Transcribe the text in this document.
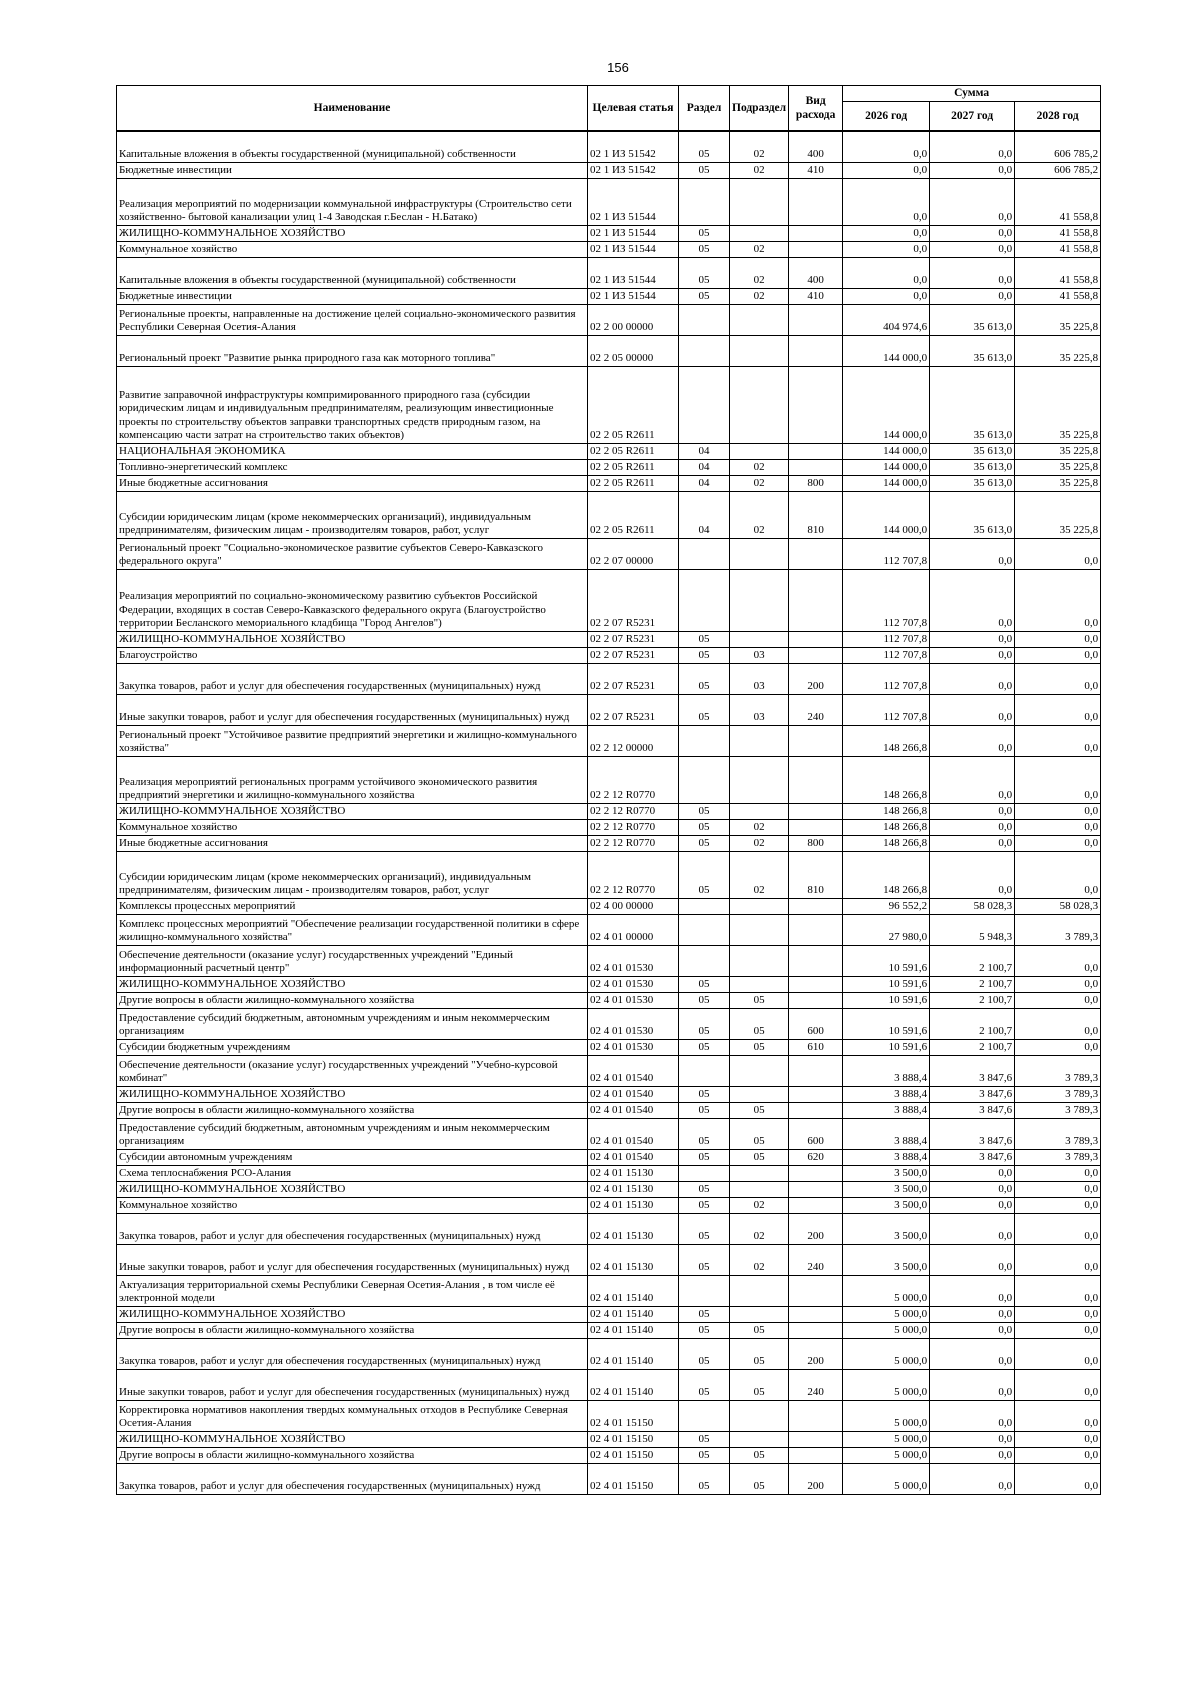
156
Наименование	Целевая статья	Раздел	Подраздел	Вид расхода	Сумма		
					2026 год	2027 год	2028 год
Капитальные вложения в объекты государственной (муниципальной) собственности	02 1 ИЗ 51542	05	02	400	0,0	0,0	606 785,2
Бюджетные инвестиции	02 1 ИЗ 51542	05	02	410	0,0	0,0	606 785,2
Реализация мероприятий по модернизации коммунальной инфраструктуры (Строительство сети хозяйственно- бытовой канализации улиц 1-4 Заводская г.Беслан - Н.Батако)	02 1 ИЗ 51544				0,0	0,0	41 558,8
ЖИЛИЩНО-КОММУНАЛЬНОЕ ХОЗЯЙСТВО	02 1 ИЗ 51544	05			0,0	0,0	41 558,8
Коммунальное хозяйство	02 1 ИЗ 51544	05	02		0,0	0,0	41 558,8
Капитальные вложения в объекты государственной (муниципальной) собственности	02 1 ИЗ 51544	05	02	400	0,0	0,0	41 558,8
Бюджетные инвестиции	02 1 ИЗ 51544	05	02	410	0,0	0,0	41 558,8
Региональные проекты, направленные на достижение целей социально-экономического развития Республики Северная Осетия-Алания	02 2 00 00000				404 974,6	35 613,0	35 225,8
Региональный проект "Развитие рынка природного газа как моторного топлива"	02 2 05 00000				144 000,0	35 613,0	35 225,8
Развитие заправочной инфраструктуры компримированного природного газа (субсидии юридическим лицам и индивидуальным предпринимателям, реализующим инвестиционные проекты по строительству объектов заправки транспортных средств природным газом, на компенсацию части затрат на строительство таких объектов)	02 2 05 R2611				144 000,0	35 613,0	35 225,8
НАЦИОНАЛЬНАЯ ЭКОНОМИКА	02 2 05 R2611	04			144 000,0	35 613,0	35 225,8
Топливно-энергетический комплекс	02 2 05 R2611	04	02		144 000,0	35 613,0	35 225,8
Иные бюджетные ассигнования	02 2 05 R2611	04	02	800	144 000,0	35 613,0	35 225,8
Субсидии юридическим лицам (кроме некоммерческих организаций), индивидуальным предпринимателям, физическим лицам - производителям товаров, работ, услуг	02 2 05 R2611	04	02	810	144 000,0	35 613,0	35 225,8
Региональный проект "Социально-экономическое развитие субъектов Северо-Кавказского федерального округа"	02 2 07 00000				112 707,8	0,0	0,0
Реализация мероприятий по социально-экономическому развитию субъектов Российской Федерации, входящих в состав Северо-Кавказского федерального округа (Благоустройство территории Бесланского мемориального кладбища "Город Ангелов")	02 2 07 R5231				112 707,8	0,0	0,0
ЖИЛИЩНО-КОММУНАЛЬНОЕ ХОЗЯЙСТВО	02 2 07 R5231	05			112 707,8	0,0	0,0
Благоустройство	02 2 07 R5231	05	03		112 707,8	0,0	0,0
Закупка товаров, работ и услуг для обеспечения государственных (муниципальных) нужд	02 2 07 R5231	05	03	200	112 707,8	0,0	0,0
Иные закупки товаров, работ и услуг для обеспечения государственных (муниципальных) нужд	02 2 07 R5231	05	03	240	112 707,8	0,0	0,0
Региональный проект "Устойчивое развитие предприятий энергетики и жилищно-коммунального хозяйства"	02 2 12 00000				148 266,8	0,0	0,0
Реализация мероприятий региональных программ устойчивого экономического развития предприятий энергетики и жилищно-коммунального хозяйства	02 2 12 R0770				148 266,8	0,0	0,0
ЖИЛИЩНО-КОММУНАЛЬНОЕ ХОЗЯЙСТВО	02 2 12 R0770	05			148 266,8	0,0	0,0
Коммунальное хозяйство	02 2 12 R0770	05	02		148 266,8	0,0	0,0
Иные бюджетные ассигнования	02 2 12 R0770	05	02	800	148 266,8	0,0	0,0
Субсидии юридическим лицам (кроме некоммерческих организаций), индивидуальным предпринимателям, физическим лицам - производителям товаров, работ, услуг	02 2 12 R0770	05	02	810	148 266,8	0,0	0,0
Комплексы процессных мероприятий	02 4 00 00000				96 552,2	58 028,3	58 028,3
Комплекс процессных мероприятий "Обеспечение реализации государственной политики в сфере жилищно-коммунального хозяйства"	02 4 01 00000				27 980,0	5 948,3	3 789,3
Обеспечение деятельности (оказание услуг) государственных учреждений "Единый информационный расчетный центр"	02 4 01 01530				10 591,6	2 100,7	0,0
ЖИЛИЩНО-КОММУНАЛЬНОЕ ХОЗЯЙСТВО	02 4 01 01530	05			10 591,6	2 100,7	0,0
Другие вопросы в области жилищно-коммунального хозяйства	02 4 01 01530	05	05		10 591,6	2 100,7	0,0
Предоставление субсидий бюджетным, автономным учреждениям и иным некоммерческим организациям	02 4 01 01530	05	05	600	10 591,6	2 100,7	0,0
Субсидии бюджетным учреждениям	02 4 01 01530	05	05	610	10 591,6	2 100,7	0,0
Обеспечение деятельности (оказание услуг) государственных учреждений "Учебно-курсовой комбинат"	02 4 01 01540				3 888,4	3 847,6	3 789,3
ЖИЛИЩНО-КОММУНАЛЬНОЕ ХОЗЯЙСТВО	02 4 01 01540	05			3 888,4	3 847,6	3 789,3
Другие вопросы в области жилищно-коммунального хозяйства	02 4 01 01540	05	05		3 888,4	3 847,6	3 789,3
Предоставление субсидий бюджетным, автономным учреждениям и иным некоммерческим организациям	02 4 01 01540	05	05	600	3 888,4	3 847,6	3 789,3
Субсидии автономным учреждениям	02 4 01 01540	05	05	620	3 888,4	3 847,6	3 789,3
Схема теплоснабжения РСО-Алания	02 4 01 15130				3 500,0	0,0	0,0
ЖИЛИЩНО-КОММУНАЛЬНОЕ ХОЗЯЙСТВО	02 4 01 15130	05			3 500,0	0,0	0,0
Коммунальное хозяйство	02 4 01 15130	05	02		3 500,0	0,0	0,0
Закупка товаров, работ и услуг для обеспечения государственных (муниципальных) нужд	02 4 01 15130	05	02	200	3 500,0	0,0	0,0
Иные закупки товаров, работ и услуг для обеспечения государственных (муниципальных) нужд	02 4 01 15130	05	02	240	3 500,0	0,0	0,0
Актуализация территориальной схемы Республики Северная Осетия-Алания , в том числе её электронной модели	02 4 01 15140				5 000,0	0,0	0,0
ЖИЛИЩНО-КОММУНАЛЬНОЕ ХОЗЯЙСТВО	02 4 01 15140	05			5 000,0	0,0	0,0
Другие вопросы в области жилищно-коммунального хозяйства	02 4 01 15140	05	05		5 000,0	0,0	0,0
Закупка товаров, работ и услуг для обеспечения государственных (муниципальных) нужд	02 4 01 15140	05	05	200	5 000,0	0,0	0,0
Иные закупки товаров, работ и услуг для обеспечения государственных (муниципальных) нужд	02 4 01 15140	05	05	240	5 000,0	0,0	0,0
Корректировка нормативов накопления твердых коммунальных отходов в Республике Северная Осетия-Алания	02 4 01 15150				5 000,0	0,0	0,0
ЖИЛИЩНО-КОММУНАЛЬНОЕ ХОЗЯЙСТВО	02 4 01 15150	05			5 000,0	0,0	0,0
Другие вопросы в области жилищно-коммунального хозяйства	02 4 01 15150	05	05		5 000,0	0,0	0,0
Закупка товаров, работ и услуг для обеспечения государственных (муниципальных) нужд	02 4 01 15150	05	05	200	5 000,0	0,0	0,0
